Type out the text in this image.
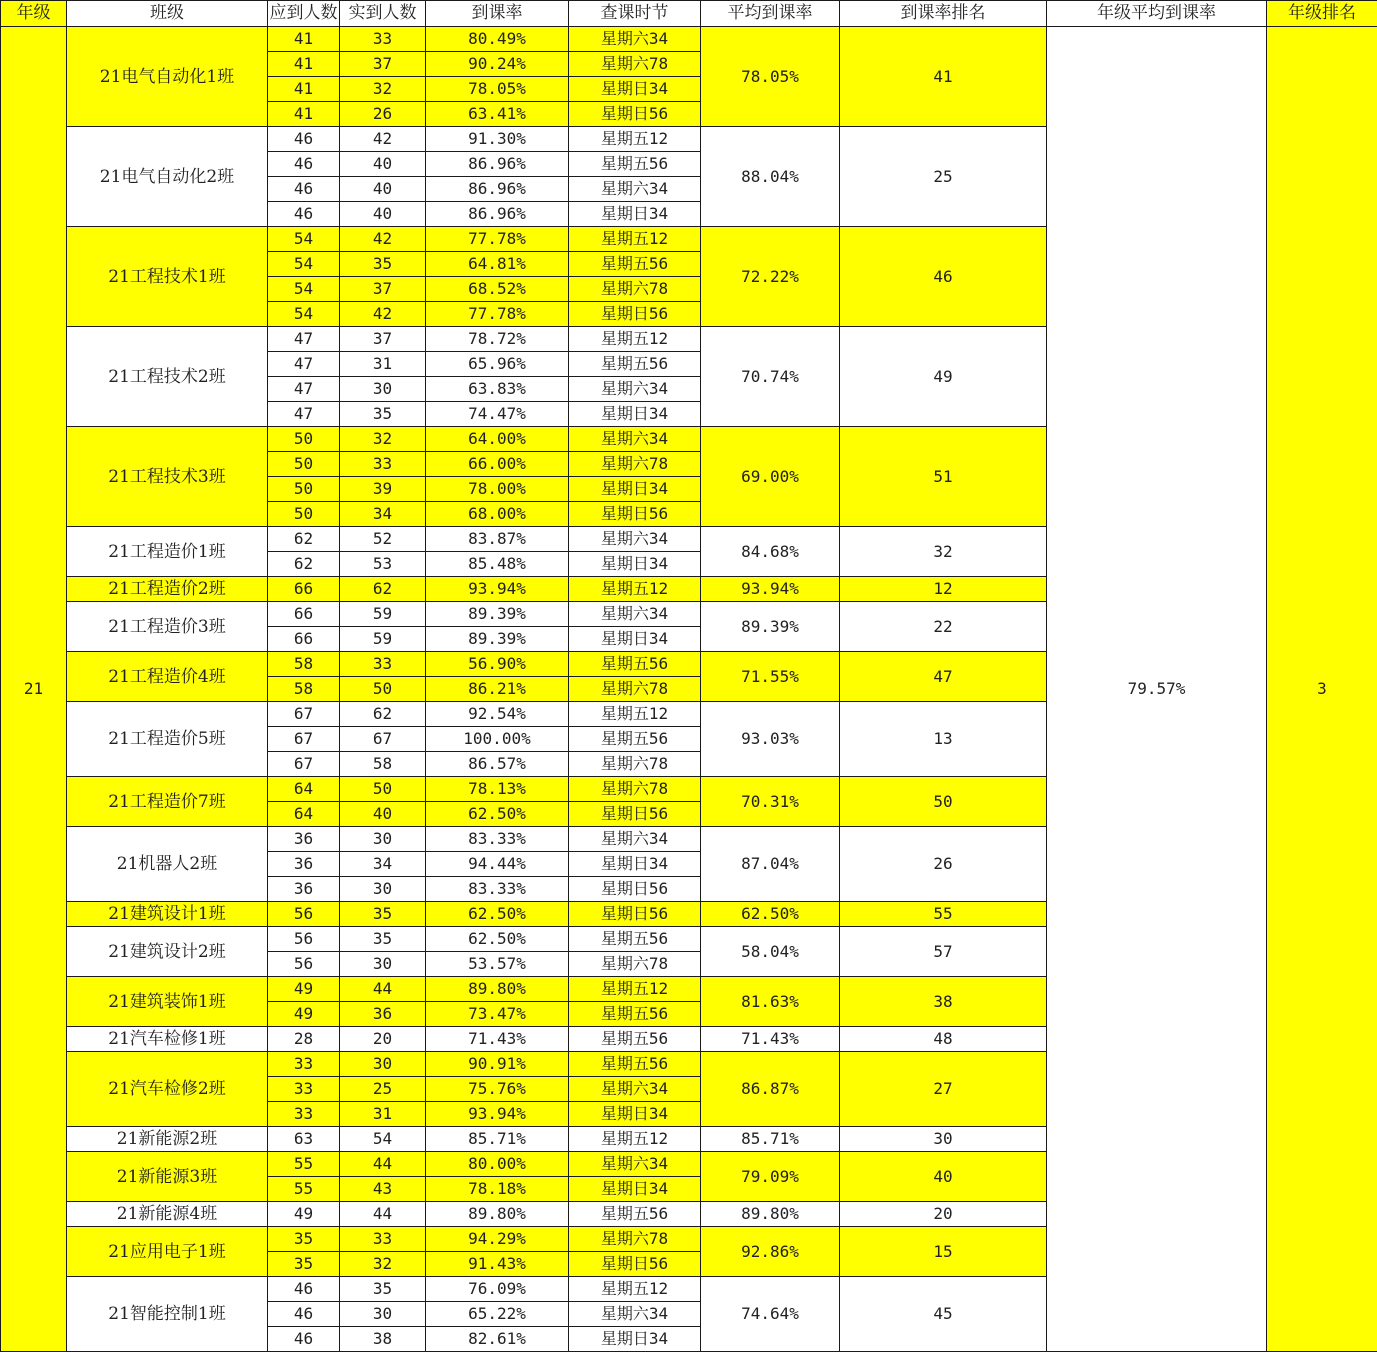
年级	班级	应到人数	实到人数	到课率	查课时节	平均到课率	到课率排名	年级平均到课率	年级排名
21	21电气自动化1班	41	33	80.49%	星期六34	78.05%	41	79.57%	3
		41	37	90.24%	星期六78				
		41	32	78.05%	星期日34				
		41	26	63.41%	星期日56				
	21电气自动化2班	46	42	91.30%	星期五12	88.04%	25		
		46	40	86.96%	星期五56				
		46	40	86.96%	星期六34				
		46	40	86.96%	星期日34				
	21工程技术1班	54	42	77.78%	星期五12	72.22%	46		
		54	35	64.81%	星期五56				
		54	37	68.52%	星期六78				
		54	42	77.78%	星期日56				
	21工程技术2班	47	37	78.72%	星期五12	70.74%	49		
		47	31	65.96%	星期五56				
		47	30	63.83%	星期六34				
		47	35	74.47%	星期日34				
	21工程技术3班	50	32	64.00%	星期六34	69.00%	51		
		50	33	66.00%	星期六78				
		50	39	78.00%	星期日34				
		50	34	68.00%	星期日56				
	21工程造价1班	62	52	83.87%	星期六34	84.68%	32		
		62	53	85.48%	星期日34				
	21工程造价2班	66	62	93.94%	星期五12	93.94%	12		
	21工程造价3班	66	59	89.39%	星期六34	89.39%	22		
		66	59	89.39%	星期日34				
	21工程造价4班	58	33	56.90%	星期五56	71.55%	47		
		58	50	86.21%	星期六78				
	21工程造价5班	67	62	92.54%	星期五12	93.03%	13		
		67	67	100.00%	星期五56				
		67	58	86.57%	星期六78				
	21工程造价7班	64	50	78.13%	星期六78	70.31%	50		
		64	40	62.50%	星期日56				
	21机器人2班	36	30	83.33%	星期六34	87.04%	26		
		36	34	94.44%	星期日34				
		36	30	83.33%	星期日56				
	21建筑设计1班	56	35	62.50%	星期日56	62.50%	55		
	21建筑设计2班	56	35	62.50%	星期五56	58.04%	57		
		56	30	53.57%	星期六78				
	21建筑装饰1班	49	44	89.80%	星期五12	81.63%	38		
		49	36	73.47%	星期五56				
	21汽车检修1班	28	20	71.43%	星期五56	71.43%	48		
	21汽车检修2班	33	30	90.91%	星期五56	86.87%	27		
		33	25	75.76%	星期六34				
		33	31	93.94%	星期日34				
	21新能源2班	63	54	85.71%	星期五12	85.71%	30		
	21新能源3班	55	44	80.00%	星期六34	79.09%	40		
		55	43	78.18%	星期日34				
	21新能源4班	49	44	89.80%	星期五56	89.80%	20		
	21应用电子1班	35	33	94.29%	星期六78	92.86%	15		
		35	32	91.43%	星期日56				
	21智能控制1班	46	35	76.09%	星期五12	74.64%	45		
		46	30	65.22%	星期六34				
		46	38	82.61%	星期日34				
